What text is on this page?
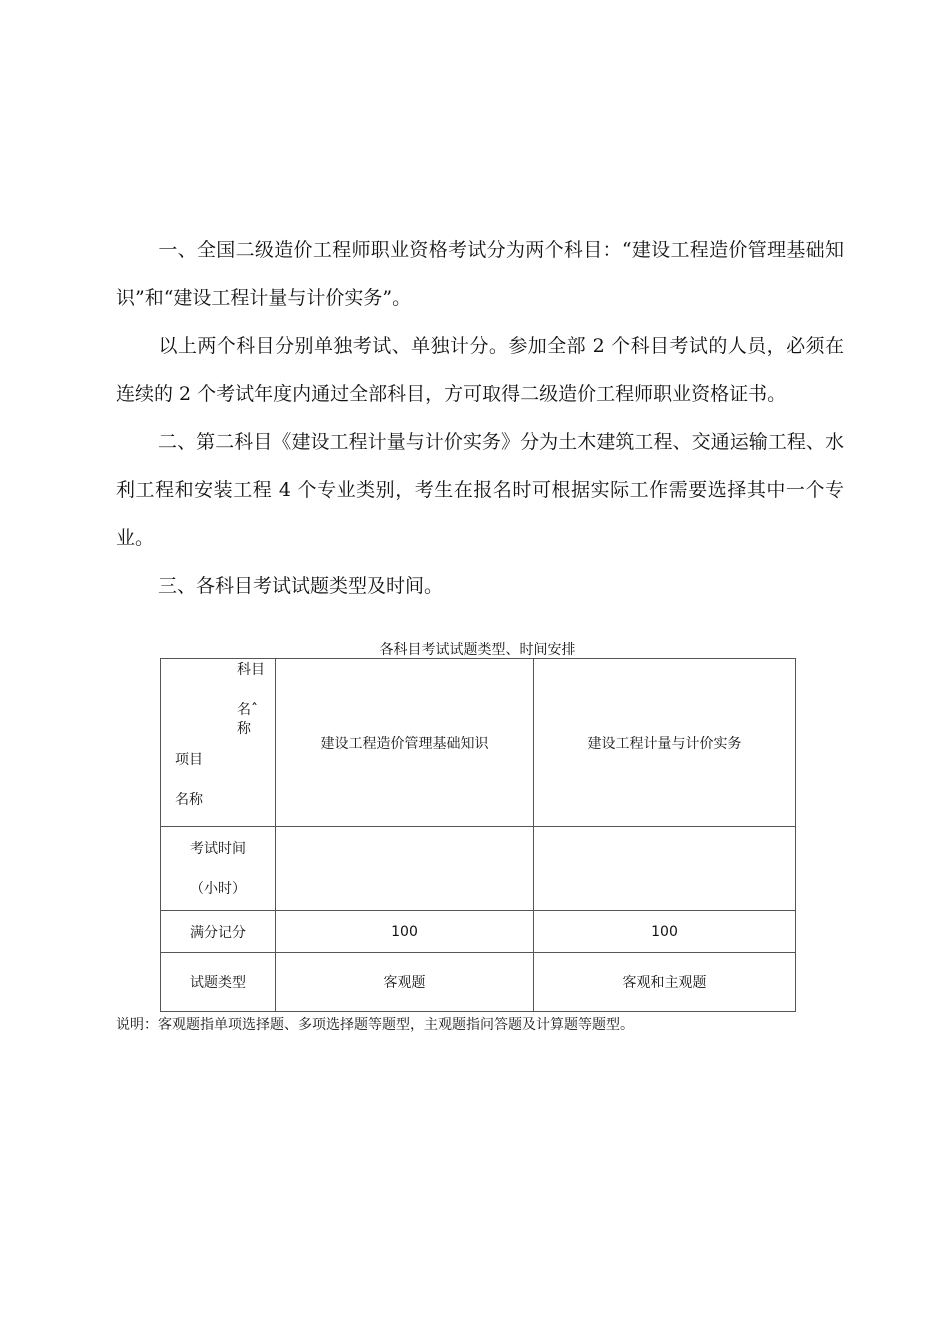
一、全国二级造价工程师职业资格考试分为两个科目：“建设工程造价管理基础知识”和“建设工程计量与计价实务”。

以上两个科目分别单独考试、单独计分。参加全部 2 个科目考试的人员，必须在连续的 2 个考试年度内通过全部科目，方可取得二级造价工程师职业资格证书。

二、第二科目《建设工程计量与计价实务》分为土木建筑工程、交通运输工程、水利工程和安装工程 4 个专业类别，考生在报名时可根据实际工作需要选择其中一个专业。

三、各科目考试试题类型及时间。

各科目考试试题类型、时间安排
科目
名ˆ
称
项目
名称	建设工程造价管理基础知识	建设工程计量与计价实务

考试时间
（小时）		

满分记分	100	100
试题类型	客观题	客观和主观题
说明：客观题指单项选择题、多项选择题等题型，主观题指问答题及计算题等题型。
